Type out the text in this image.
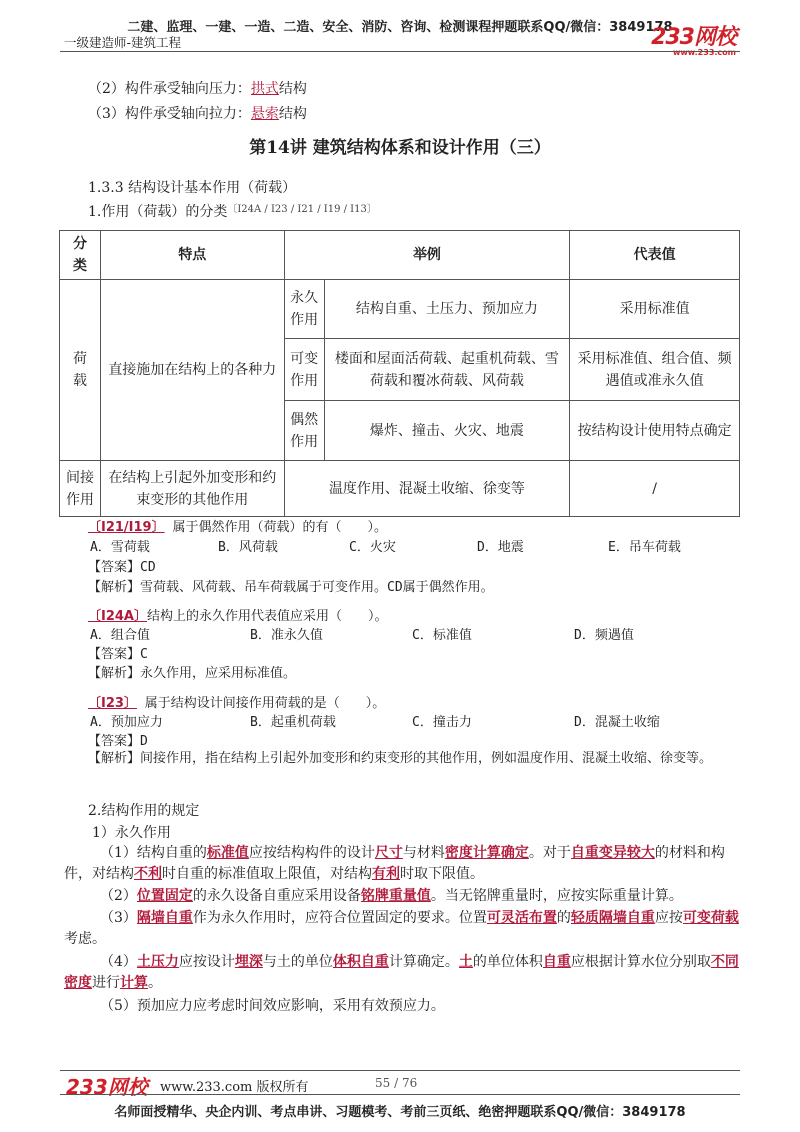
二建、监理、一建、一造、二造、安全、消防、咨询、检测课程押题联系QQ/微信：3849178
一级建造师-建筑工程	233网校
www.233.com
（2）构件承受轴向压力：拱式结构
（3）构件承受轴向拉力：悬索结构
第14讲 建筑结构体系和设计作用（三）
1.3.3 结构设计基本作用（荷载）
1.作用（荷载）的分类$^{〔Ⅰ24A / Ⅰ23 / Ⅰ21 / Ⅰ19 / Ⅰ13〕}$
分类	特点	举例		代表值
荷载	直接施加在结构上的各种力	永久作用	结构自重、土压力、预加应力	采用标准值
		可变作用	楼面和屋面活荷载、起重机荷载、雪荷载和覆冰荷载、风荷载	采用标准值、组合值、频遇值或准永久值
		偶然作用	爆炸、撞击、火灾、地震	按结构设计使用特点确定
间接作用	在结构上引起外加变形和约束变形的其他作用	温度作用、混凝土收缩、徐变等		/
〔Ⅰ21/Ⅰ19〕 属于偶然作用（荷载）的有（　　）。
A．雪荷载	B．风荷载	C．火灾	D．地震	E．吊车荷载
【答案】CD
【解析】雪荷载、风荷载、吊车荷载属于可变作用。CD属于偶然作用。
〔Ⅰ24A〕结构上的永久作用代表值应采用（　　）。
A．组合值	B．准永久值	C．标准值	D．频遇值
【答案】C
【解析】永久作用，应采用标准值。
〔Ⅰ23〕 属于结构设计间接作用荷载的是（　　）。
A．预加应力	B．起重机荷载	C．撞击力	D．混凝土收缩
【答案】D
【解析】间接作用，指在结构上引起外加变形和约束变形的其他作用，例如温度作用、混凝土收缩、徐变等。
2.结构作用的规定
1）永久作用
（1）结构自重的标准值应按结构构件的设计尺寸与材料密度计算确定。对于自重变异较大的材料和构件，对结构不利时自重的标准值取上限值，对结构有利时取下限值。
（2）位置固定的永久设备自重应采用设备铭牌重量值。当无铭牌重量时，应按实际重量计算。
（3）隔墙自重作为永久作用时，应符合位置固定的要求。位置可灵活布置的轻质隔墙自重应按可变荷载考虑。
（4）土压力应按设计埋深与土的单位体积自重计算确定。土的单位体积自重应根据计算水位分别取不同密度进行计算。
（5）预加应力应考虑时间效应影响，采用有效预应力。
233网校 www.233.com 版权所有	55 / 76
名师面授精华、央企内训、考点串讲、习题模考、考前三页纸、绝密押题联系QQ/微信：3849178
